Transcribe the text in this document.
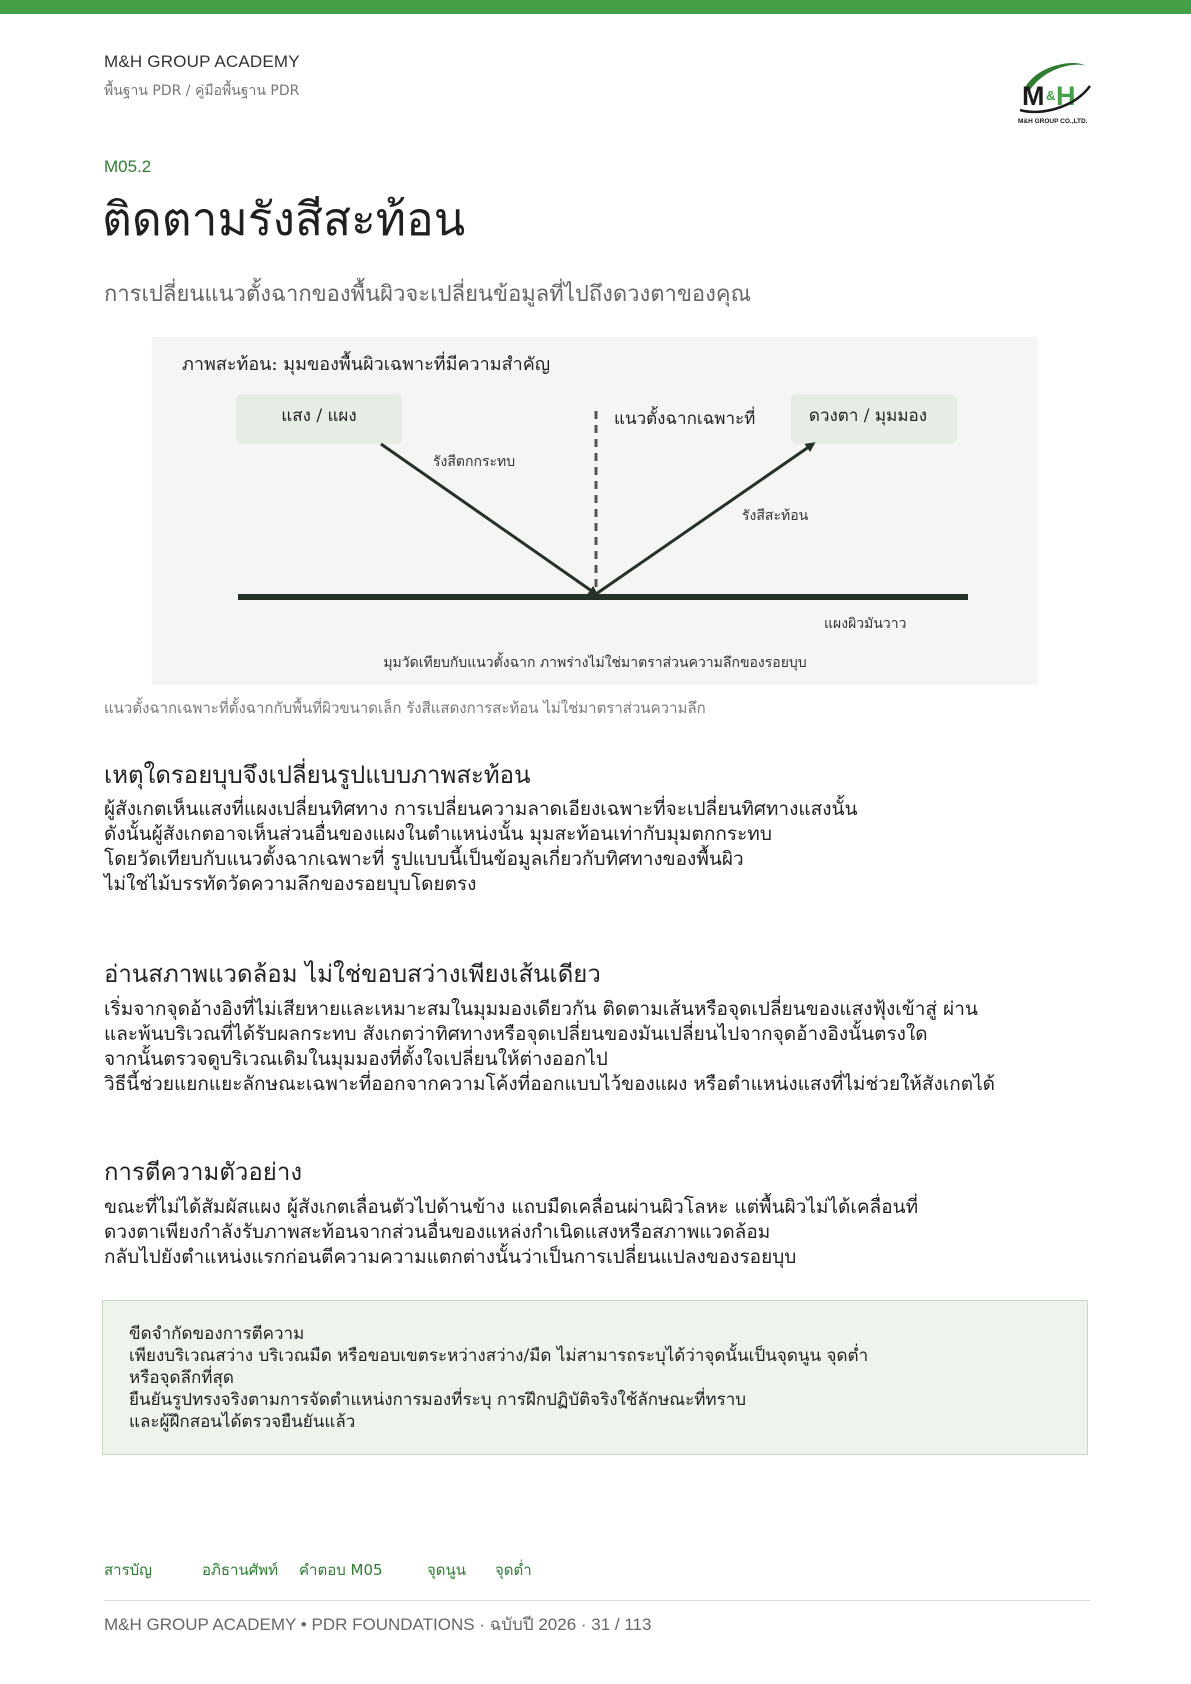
M&H GROUP ACADEMY
พื้นฐาน PDR / คู่มือพื้นฐาน PDR	M & H
M&H GROUP CO.,LTD.
M05.2
ติดตามรังสีสะท้อน

การเปลี่ยนแนวตั้งฉากของพื้นผิวจะเปลี่ยนข้อมูลที่ไปถึงดวงตาของคุณ

ภาพสะท้อน: มุมของพื้นผิวเฉพาะที่มีความสำคัญ
แสง / แผง	ดวงตา / มุมมอง
แนวตั้งฉากเฉพาะที่
รังสีตกกระทบ
รังสีสะท้อน
แผงผิวมันวาว
มุมวัดเทียบกับแนวตั้งฉาก ภาพร่างไม่ใช่มาตราส่วนความลึกของรอยบุบ
แนวตั้งฉากเฉพาะที่ตั้งฉากกับพื้นที่ผิวขนาดเล็ก รังสีแสดงการสะท้อน ไม่ใช่มาตราส่วนความลึก
เหตุใดรอยบุบจึงเปลี่ยนรูปแบบภาพสะท้อน
ผู้สังเกตเห็นแสงที่แผงเปลี่ยนทิศทาง การเปลี่ยนความลาดเอียงเฉพาะที่จะเปลี่ยนทิศทางแสงนั้น
ดังนั้นผู้สังเกตอาจเห็นส่วนอื่นของแผงในตำแหน่งนั้น มุมสะท้อนเท่ากับมุมตกกระทบ
โดยวัดเทียบกับแนวตั้งฉากเฉพาะที่ รูปแบบนี้เป็นข้อมูลเกี่ยวกับทิศทางของพื้นผิว
ไม่ใช่ไม้บรรทัดวัดความลึกของรอยบุบโดยตรง
อ่านสภาพแวดล้อม ไม่ใช่ขอบสว่างเพียงเส้นเดียว
เริ่มจากจุดอ้างอิงที่ไม่เสียหายและเหมาะสมในมุมมองเดียวกัน ติดตามเส้นหรือจุดเปลี่ยนของแสงฟุ้งเข้าสู่ ผ่าน
และพ้นบริเวณที่ได้รับผลกระทบ สังเกตว่าทิศทางหรือจุดเปลี่ยนของมันเปลี่ยนไปจากจุดอ้างอิงนั้นตรงใด
จากนั้นตรวจดูบริเวณเดิมในมุมมองที่ตั้งใจเปลี่ยนให้ต่างออกไป
วิธีนี้ช่วยแยกแยะลักษณะเฉพาะที่ออกจากความโค้งที่ออกแบบไว้ของแผง หรือตำแหน่งแสงที่ไม่ช่วยให้สังเกตได้
การตีความตัวอย่าง
ขณะที่ไม่ได้สัมผัสแผง ผู้สังเกตเลื่อนตัวไปด้านข้าง แถบมืดเคลื่อนผ่านผิวโลหะ แต่พื้นผิวไม่ได้เคลื่อนที่
ดวงตาเพียงกำลังรับภาพสะท้อนจากส่วนอื่นของแหล่งกำเนิดแสงหรือสภาพแวดล้อม
กลับไปยังตำแหน่งแรกก่อนตีความความแตกต่างนั้นว่าเป็นการเปลี่ยนแปลงของรอยบุบ
ขีดจำกัดของการตีความ
เพียงบริเวณสว่าง บริเวณมืด หรือขอบเขตระหว่างสว่าง/มืด ไม่สามารถระบุได้ว่าจุดนั้นเป็นจุดนูน จุดต่ำ
หรือจุดลึกที่สุด
ยืนยันรูปทรงจริงตามการจัดตำแหน่งการมองที่ระบุ การฝึกปฏิบัติจริงใช้ลักษณะที่ทราบ
และผู้ฝึกสอนได้ตรวจยืนยันแล้ว
สารบัญ	อภิธานศัพท์ คำตอบ M05	จุดนูน จุดต่ำ
M&H GROUP ACADEMY • PDR FOUNDATIONS · ฉบับปี 2026 · 31 / 113
